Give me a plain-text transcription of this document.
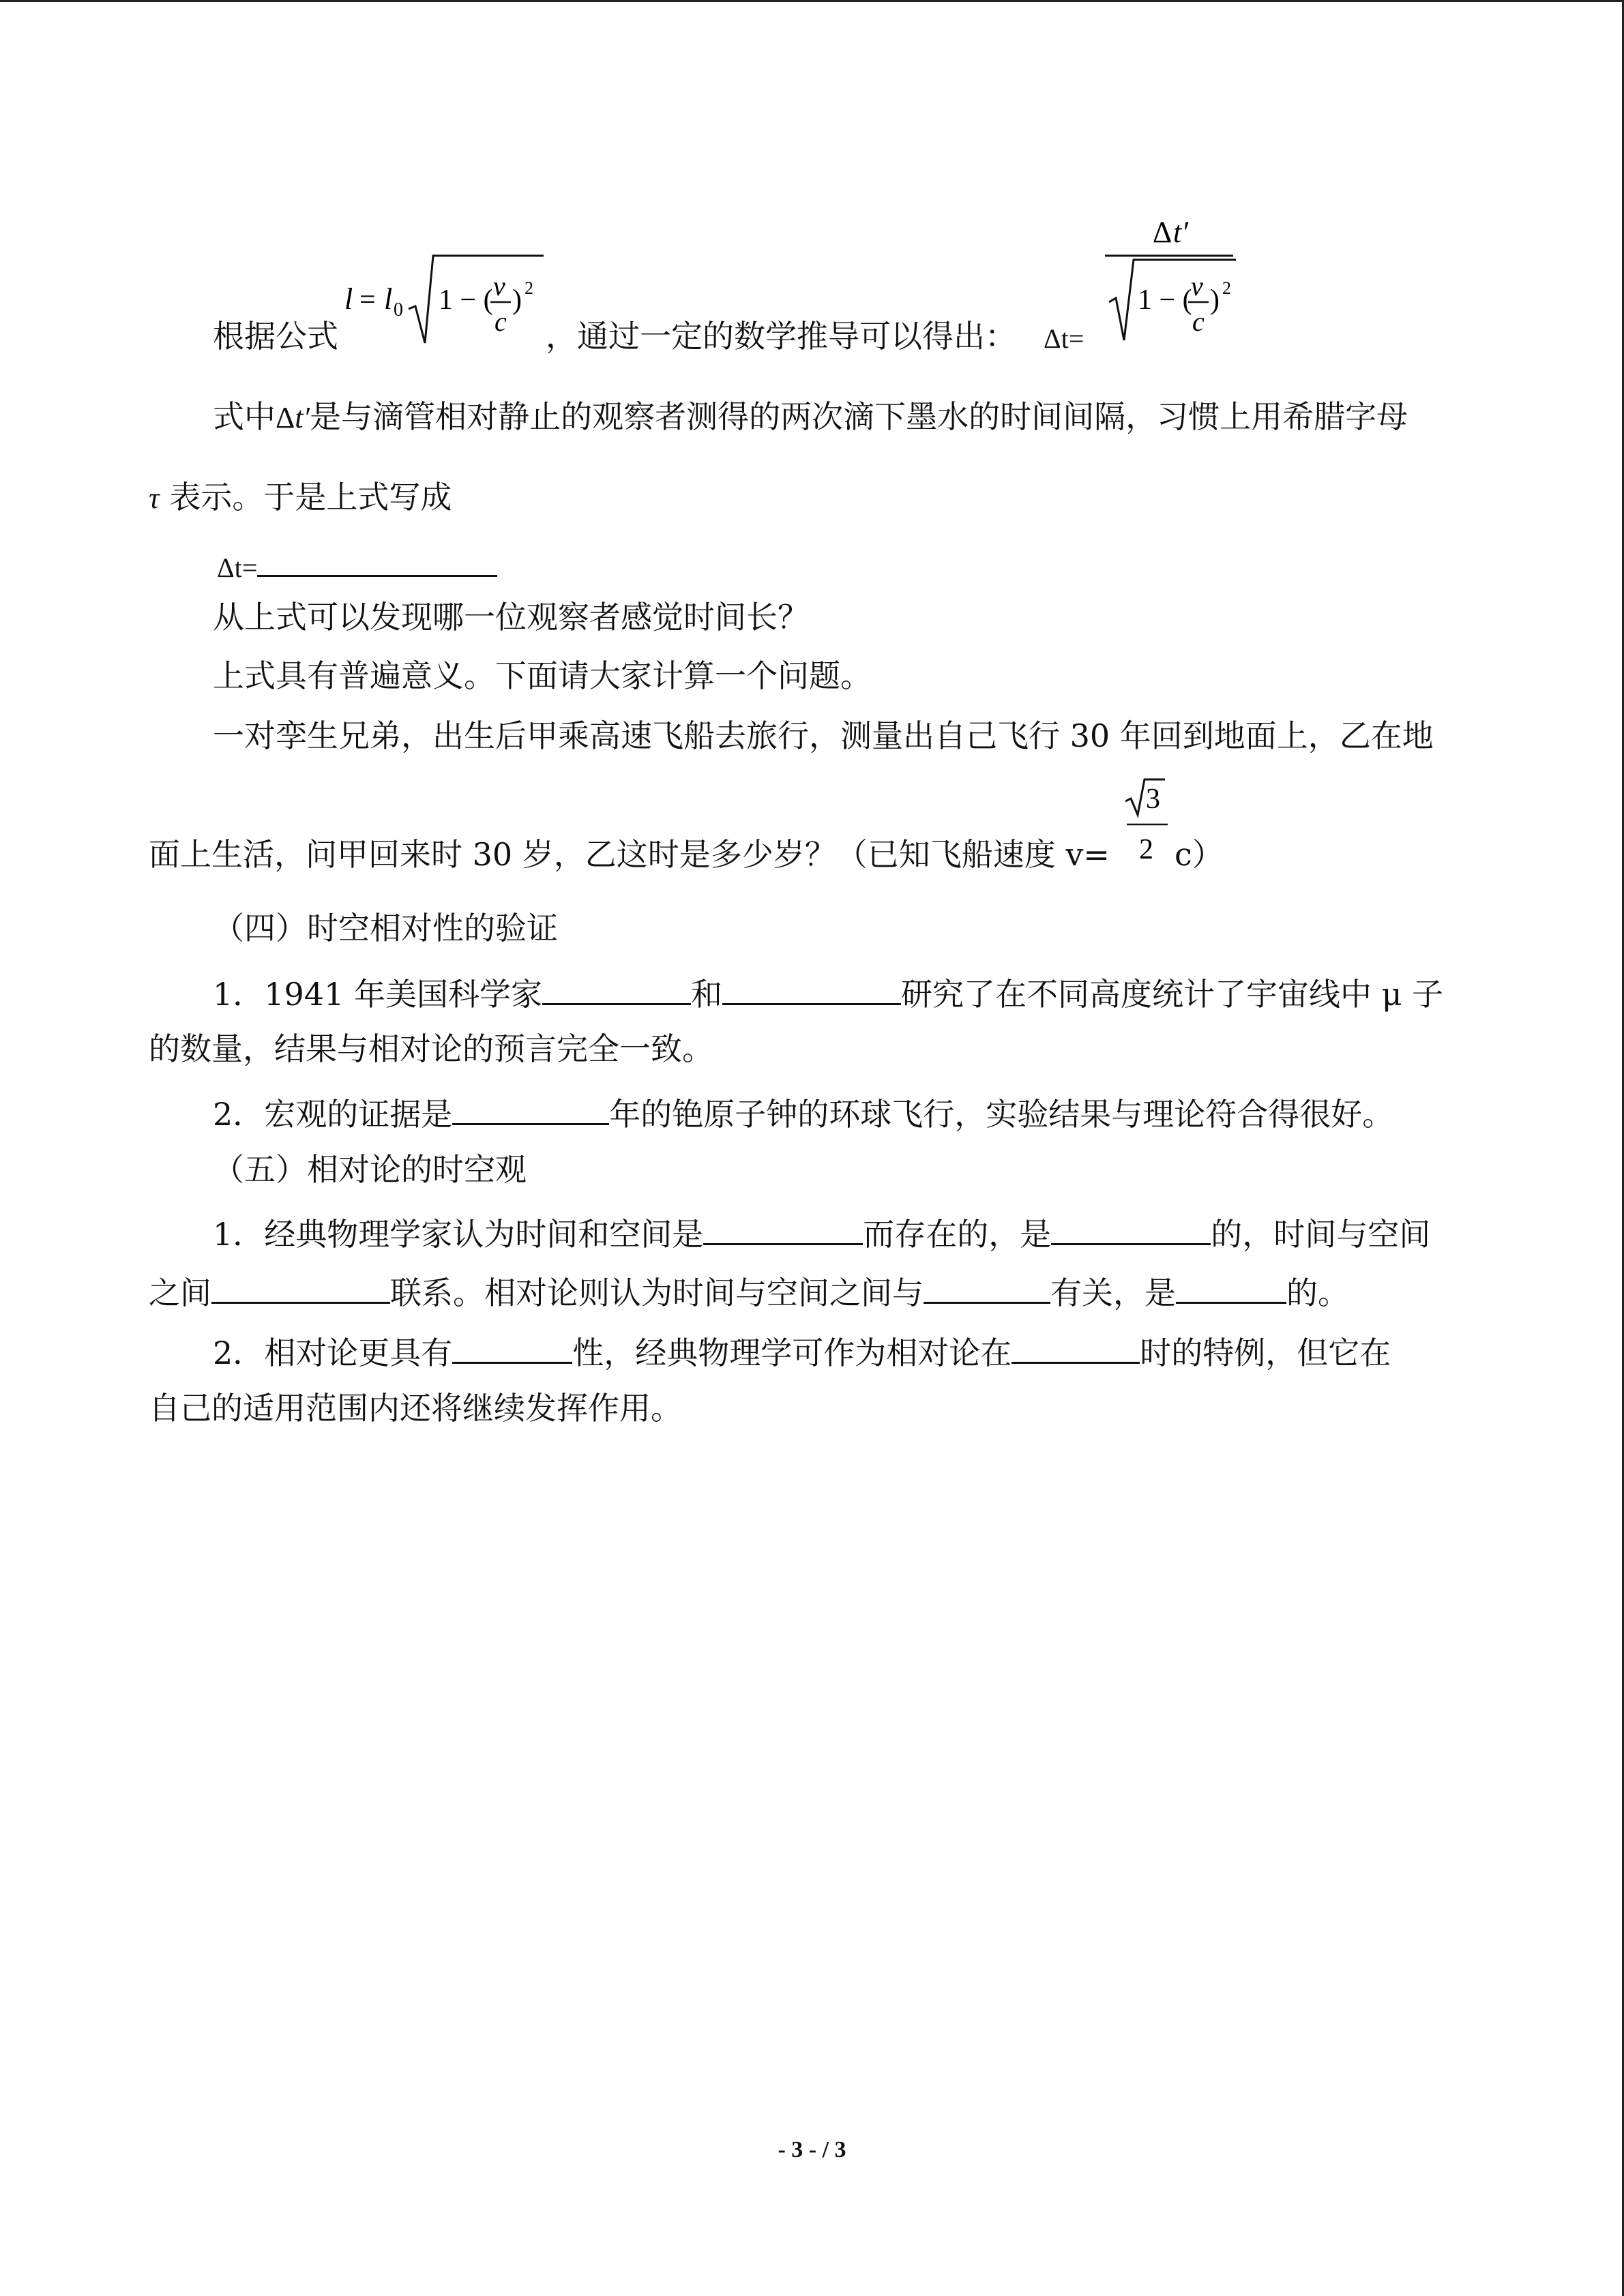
根据公式
l = l 0 1 − ( v
c
) 2
，通过一定的数学推导可以得出： Δt=
Δ t′
1 − (
v
c
) 2
式中Δt′是与滴管相对静止的观察者测得的两次滴下墨水的时间间隔，习惯上用希腊字母
τ 表示。于是上式写成
Δt=
从上式可以发现哪一位观察者感觉时间长？
上式具有普遍意义。下面请大家计算一个问题。
一对孪生兄弟，出生后甲乘高速飞船去旅行，测量出自己飞行 30 年回到地面上，乙在地
面上生活，问甲回来时 30 岁，乙这时是多少岁？（已知飞船速度 v=
3
2 c）
（四）时空相对性的验证
1．1941 年美国科学家	和	研究了在不同高度统计了宇宙线中 μ 子
的数量，结果与相对论的预言完全一致。
2．宏观的证据是	年的铯原子钟的环球飞行，实验结果与理论符合得很好。
（五）相对论的时空观
1．经典物理学家认为时间和空间是	而存在的，是	的，时间与空间
之间	联系。相对论则认为时间与空间之间与	有关，是	的。
2．相对论更具有	性，经典物理学可作为相对论在	时的特例，但它在
自己的适用范围内还将继续发挥作用。
- 3 - / 3
